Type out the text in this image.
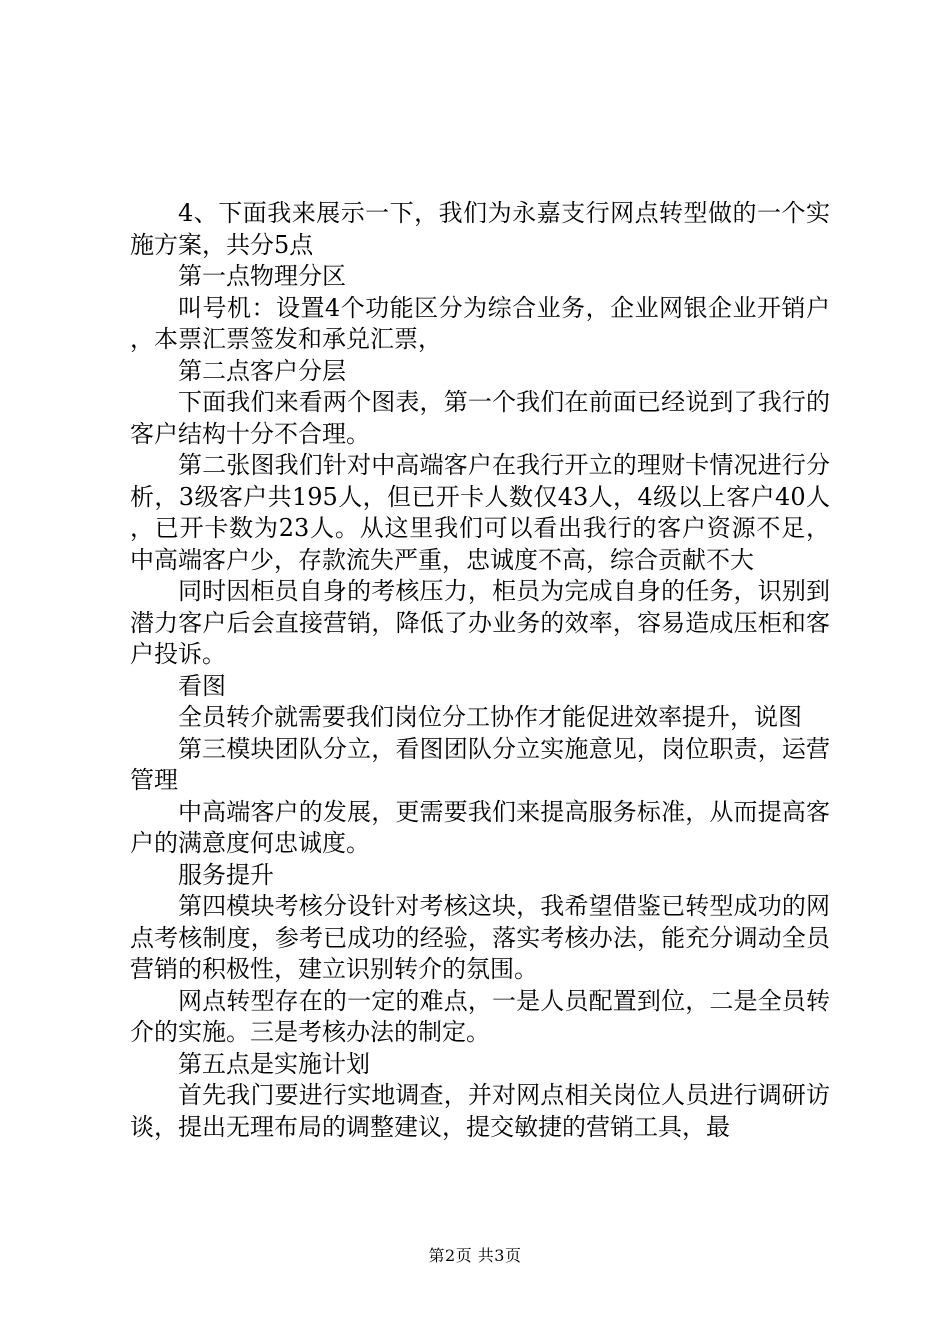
4、下面我来展示一下，我们为永嘉支行网点转型做的一个实施方案，共分5点

第一点物理分区

叫号机：设置4个功能区分为综合业务，企业网银企业开销户，本票汇票签发和承兑汇票，

第二点客户分层

下面我们来看两个图表，第一个我们在前面已经说到了我行的客户结构十分不合理。

第二张图我们针对中高端客户在我行开立的理财卡情况进行分析，3级客户共195人，但已开卡人数仅43人，4级以上客户40人，已开卡数为23人。从这里我们可以看出我行的客户资源不足，中高端客户少，存款流失严重，忠诚度不高，综合贡献不大

同时因柜员自身的考核压力，柜员为完成自身的任务，识别到潜力客户后会直接营销，降低了办业务的效率，容易造成压柜和客户投诉。

看图

全员转介就需要我们岗位分工协作才能促进效率提升，说图

第三模块团队分立，看图团队分立实施意见，岗位职责，运营管理

中高端客户的发展，更需要我们来提高服务标准，从而提高客户的满意度何忠诚度。

服务提升

第四模块考核分设针对考核这块，我希望借鉴已转型成功的网点考核制度，参考已成功的经验，落实考核办法，能充分调动全员营销的积极性，建立识别转介的氛围。

网点转型存在的一定的难点，一是人员配置到位，二是全员转介的实施。三是考核办法的制定。

第五点是实施计划

首先我门要进行实地调查，并对网点相关岗位人员进行调研访谈，提出无理布局的调整建议，提交敏捷的营销工具，最

第2页 共3页
